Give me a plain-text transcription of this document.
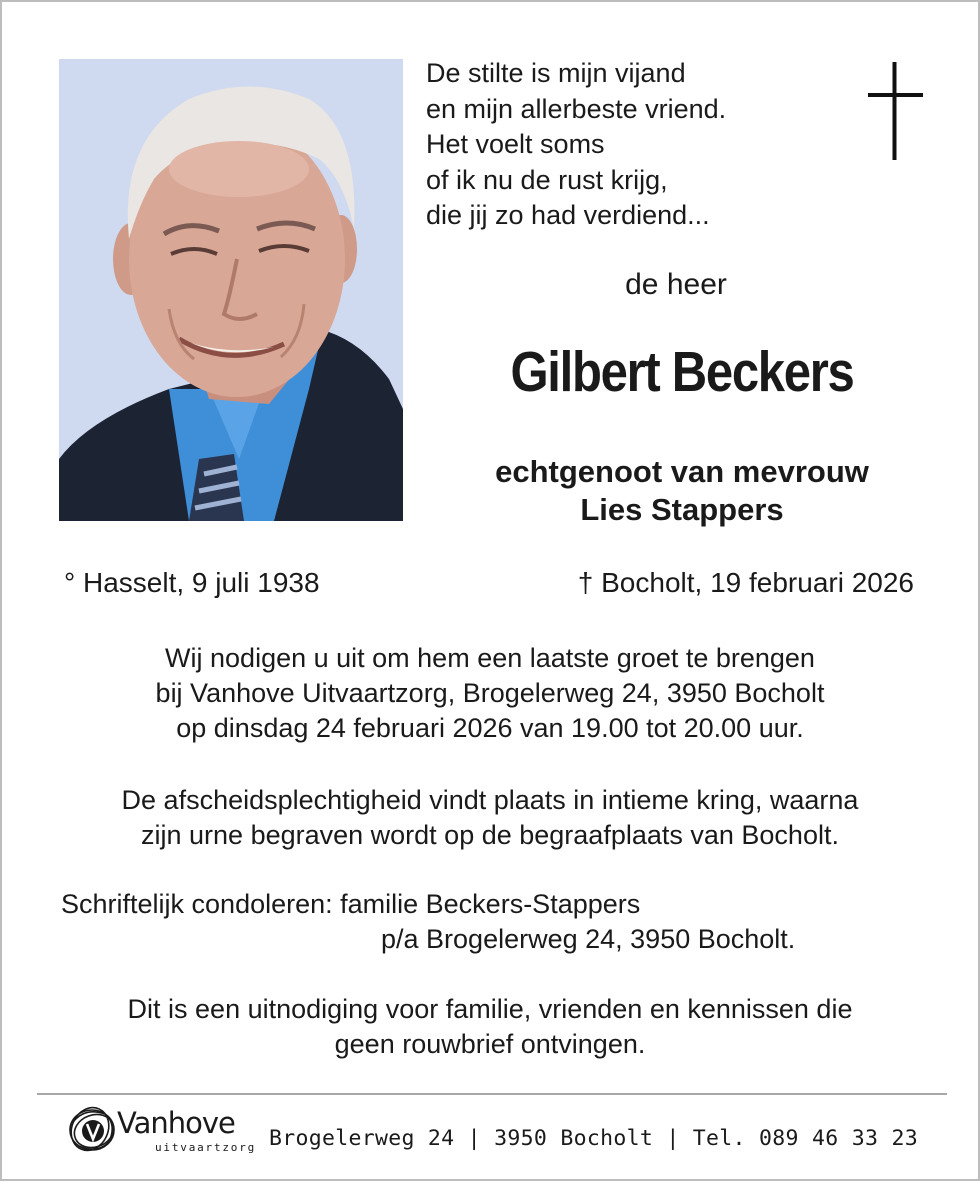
De stilte is mijn vijand
en mijn allerbeste vriend.
Het voelt soms
of ik nu de rust krijg,
die jij zo had verdiend...
de heer
Gilbert Beckers
echtgenoot van mevrouw
Lies Stappers
° Hasselt, 9 juli 1938	† Bocholt, 19 februari 2026
Wij nodigen u uit om hem een laatste groet te brengen
bij Vanhove Uitvaartzorg, Brogelerweg 24, 3950 Bocholt
op dinsdag 24 februari 2026 van 19.00 tot 20.00 uur.
De afscheidsplechtigheid vindt plaats in intieme kring, waarna
zijn urne begraven wordt op de begraafplaats van Bocholt.
Schriftelijk condoleren: familie Beckers-Stappers
p/a Brogelerweg 24, 3950 Bocholt.
Dit is een uitnodiging voor familie, vrienden en kennissen die
geen rouwbrief ontvingen.
Vanhove
uitvaartzorg Brogelerweg 24 | 3950 Bocholt | Tel. 089 46 33 23
